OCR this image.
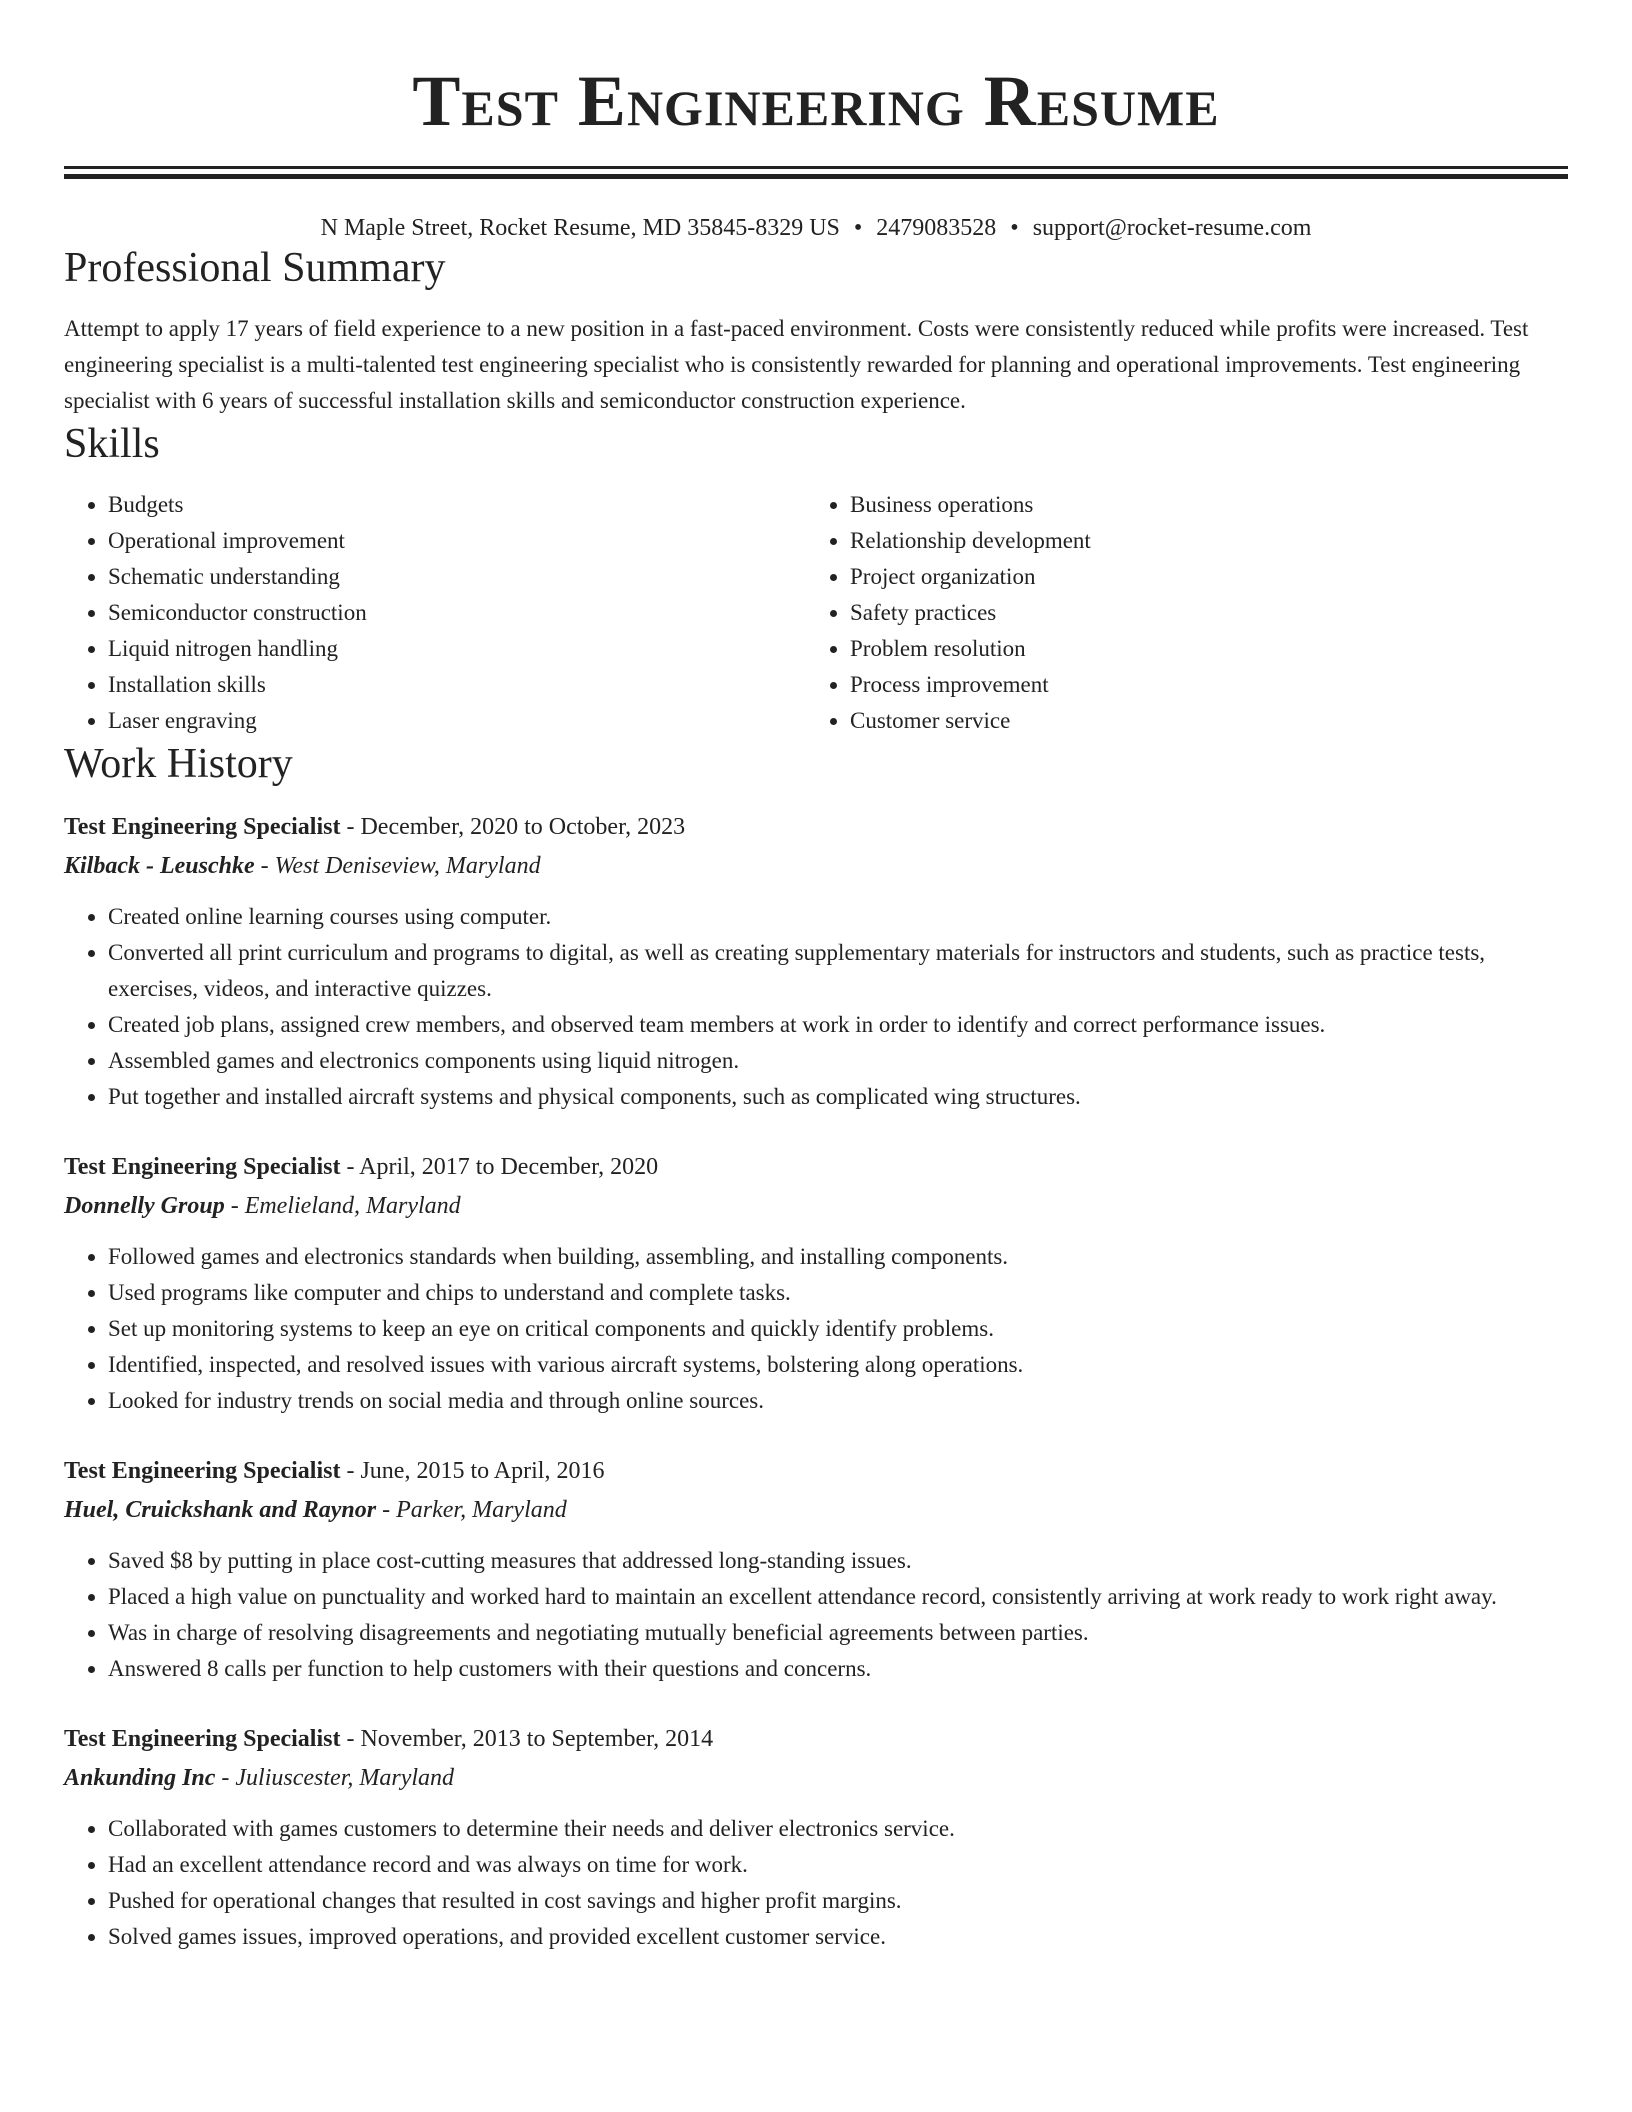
Test Engineering Resume
N Maple Street, Rocket Resume, MD 35845-8329 US • 2479083528 • support@rocket-resume.com
Professional Summary

Attempt to apply 17 years of field experience to a new position in a fast-paced environment. Costs were consistently reduced while profits were increased. Test engineering specialist is a multi-talented test engineering specialist who is consistently rewarded for planning and operational improvements. Test engineering specialist with 6 years of successful installation skills and semiconductor construction experience.

Skills
• Budgets
• Operational improvement
• Schematic understanding
• Semiconductor construction
• Liquid nitrogen handling
• Installation skills
• Laser engraving
• Business operations
• Relationship development
• Project organization
• Safety practices
• Problem resolution
• Process improvement
• Customer service
Work History
Test Engineering Specialist - December, 2020 to October, 2023
Kilback - Leuschke - West Deniseview, Maryland
• Created online learning courses using computer.
• Converted all print curriculum and programs to digital, as well as creating supplementary materials for instructors and students, such as practice tests, exercises, videos, and interactive quizzes.
• Created job plans, assigned crew members, and observed team members at work in order to identify and correct performance issues.
• Assembled games and electronics components using liquid nitrogen.
• Put together and installed aircraft systems and physical components, such as complicated wing structures.
Test Engineering Specialist - April, 2017 to December, 2020
Donnelly Group - Emelieland, Maryland
• Followed games and electronics standards when building, assembling, and installing components.
• Used programs like computer and chips to understand and complete tasks.
• Set up monitoring systems to keep an eye on critical components and quickly identify problems.
• Identified, inspected, and resolved issues with various aircraft systems, bolstering along operations.
• Looked for industry trends on social media and through online sources.
Test Engineering Specialist - June, 2015 to April, 2016
Huel, Cruickshank and Raynor - Parker, Maryland
• Saved $8 by putting in place cost-cutting measures that addressed long-standing issues.
• Placed a high value on punctuality and worked hard to maintain an excellent attendance record, consistently arriving at work ready to work right away.
• Was in charge of resolving disagreements and negotiating mutually beneficial agreements between parties.
• Answered 8 calls per function to help customers with their questions and concerns.
Test Engineering Specialist - November, 2013 to September, 2014
Ankunding Inc - Juliuscester, Maryland
• Collaborated with games customers to determine their needs and deliver electronics service.
• Had an excellent attendance record and was always on time for work.
• Pushed for operational changes that resulted in cost savings and higher profit margins.
• Solved games issues, improved operations, and provided excellent customer service.
